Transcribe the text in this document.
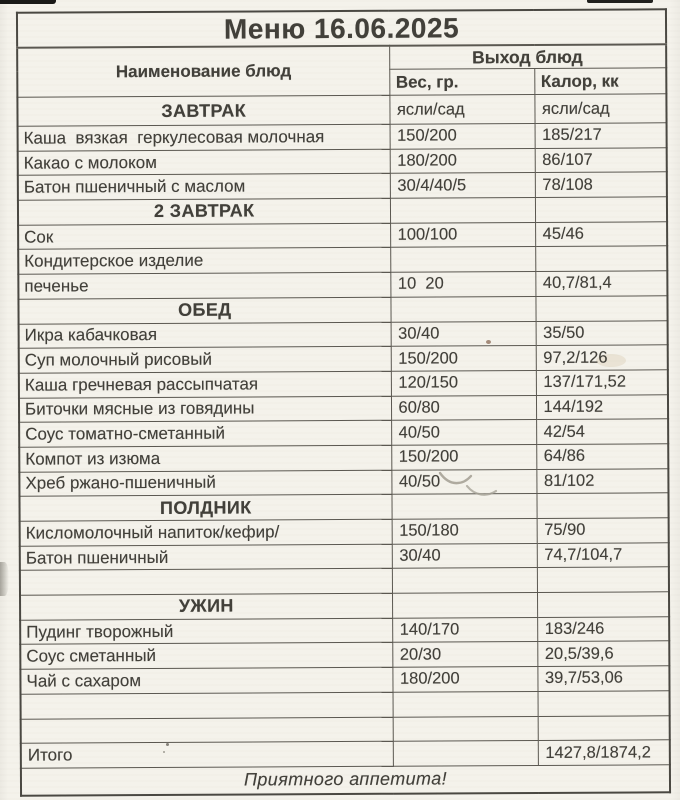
Меню 16.06.2025		
Наименование блюд	Выход блюд	
	Вес, гр.	Калор, кк
ЗАВТРАК	ясли/сад	ясли/сад
Каша  вязкая  геркулесовая молочная	150/200	185/217
Какао с молоком	180/200	86/107
Батон пшеничный с маслом	30/4/40/5	78/108
2 ЗАВТРАК		
Сок	100/100	45/46
Кондитерское изделие		
печенье	10  20	40,7/81,4
ОБЕД		
Икра кабачковая	30/40	35/50
Суп молочный рисовый	150/200	97,2/126
Каша гречневая рассыпчатая	120/150	137/171,52
Биточки мясные из говядины	60/80	144/192
Соус томатно-сметанный	40/50	42/54
Компот из изюма	150/200	64/86
Хреб ржано-пшеничный	40/50	81/102
ПОЛДНИК		
Кисломолочный напиток/кефир/	150/180	75/90
Батон пшеничный	30/40	74,7/104,7

УЖИН		
Пудинг творожный	140/170	183/246
Соус сметанный	20/30	20,5/39,6
Чай с сахаром	180/200	39,7/53,06

Итого		1427,8/1874,2
Приятного аппетита!		
